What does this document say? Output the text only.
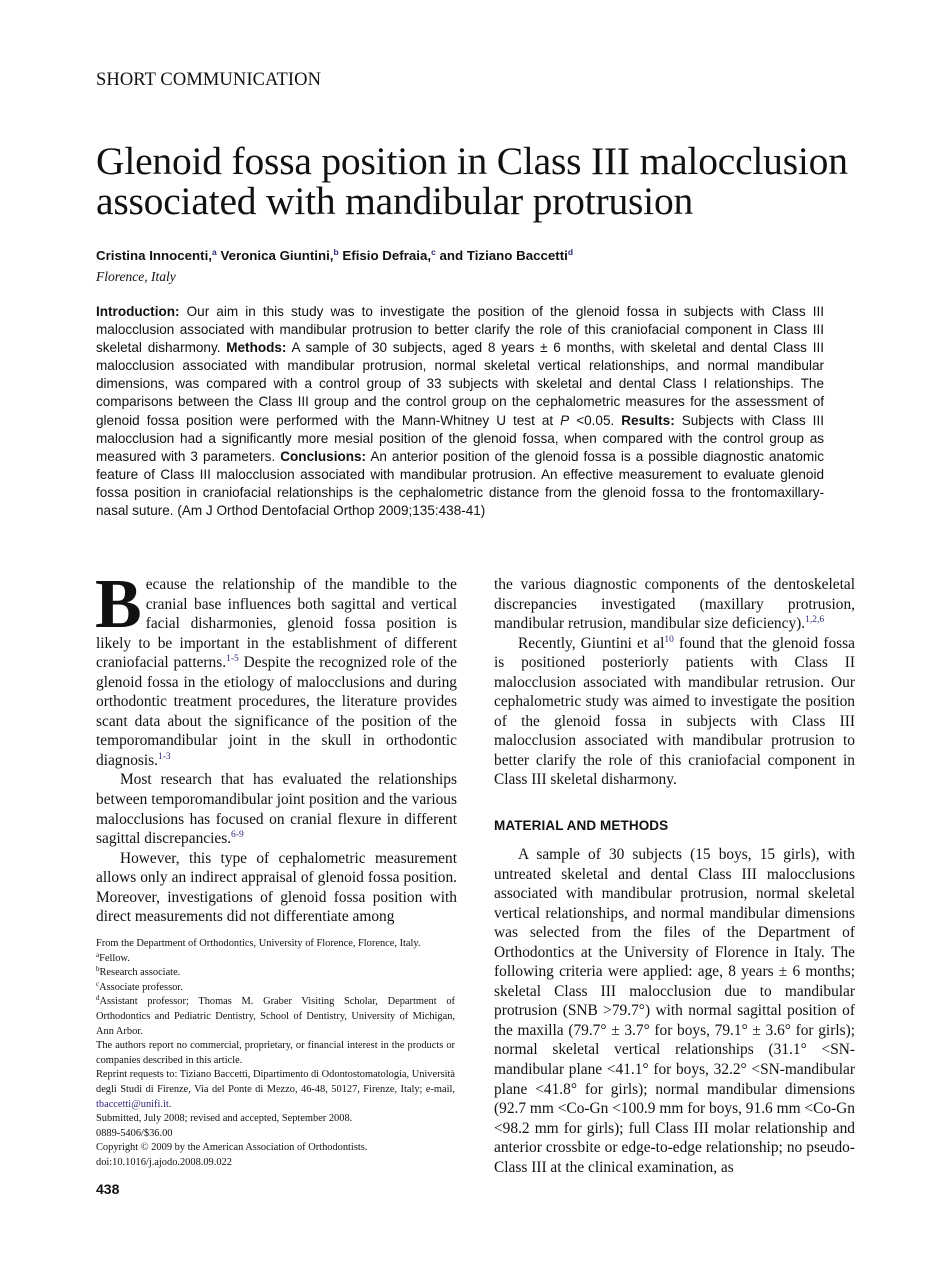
SHORT COMMUNICATION
Glenoid fossa position in Class III malocclusion associated with mandibular protrusion
Cristina Innocenti,$^a$ Veronica Giuntini,$^b$ Efisio Defraia,$^c$ and Tiziano Baccetti$^d$
Florence, Italy

Introduction: Our aim in this study was to investigate the position of the glenoid fossa in subjects with Class III malocclusion associated with mandibular protrusion to better clarify the role of this craniofacial component in Class III skeletal disharmony. Methods: A sample of 30 subjects, aged 8 years ± 6 months, with skeletal and dental Class III malocclusion associated with mandibular protrusion, normal skeletal vertical relationships, and normal mandibular dimensions, was compared with a control group of 33 subjects with skeletal and dental Class I relationships. The comparisons between the Class III group and the control group on the cephalometric measures for the assessment of glenoid fossa position were performed with the Mann-Whitney U test at P <0.05. Results: Subjects with Class III malocclusion had a significantly more mesial position of the glenoid fossa, when compared with the control group as measured with 3 parameters. Conclusions: An anterior position of the glenoid fossa is a possible diagnostic anatomic feature of Class III malocclusion associated with mandibular protrusion. An effective measurement to evaluate glenoid fossa position in craniofacial relationships is the cephalometric distance from the glenoid fossa to the frontomaxillary-nasal suture. (Am J Orthod Dentofacial Orthop 2009;135:438-41)

Because the relationship of the mandible to the cranial base influences both sagittal and vertical facial disharmonies, glenoid fossa position is likely to be important in the establishment of different craniofacial patterns.$^{1-5}$ Despite the recognized role of the glenoid fossa in the etiology of malocclusions and during orthodontic treatment procedures, the literature provides scant data about the significance of the position of the temporomandibular joint in the skull in orthodontic diagnosis.$^{1-3}$

Most research that has evaluated the relationships between temporomandibular joint position and the various malocclusions has focused on cranial flexure in different sagittal discrepancies.$^{6-9}$

However, this type of cephalometric measurement allows only an indirect appraisal of glenoid fossa position. Moreover, investigations of glenoid fossa position with direct measurements did not differentiate among

the various diagnostic components of the dentoskeletal discrepancies investigated (maxillary protrusion, mandibular retrusion, mandibular size deficiency).$^{1,2,6}$

Recently, Giuntini et al$^{10}$ found that the glenoid fossa is positioned posteriorly patients with Class II malocclusion associated with mandibular retrusion. Our cephalometric study was aimed to investigate the position of the glenoid fossa in subjects with Class III malocclusion associated with mandibular protrusion to better clarify the role of this craniofacial component in Class III skeletal disharmony.

MATERIAL AND METHODS

A sample of 30 subjects (15 boys, 15 girls), with untreated skeletal and dental Class III malocclusions associated with mandibular protrusion, normal skeletal vertical relationships, and normal mandibular dimensions was selected from the files of the Department of Orthodontics at the University of Florence in Italy. The following criteria were applied: age, 8 years ± 6 months; skeletal Class III malocclusion due to mandibular protrusion (SNB >79.7°) with normal sagittal position of the maxilla (79.7° ± 3.7° for boys, 79.1° ± 3.6° for girls); normal skeletal vertical relationships (31.1° <SN-mandibular plane <41.1° for boys, 32.2° <SN-mandibular plane <41.8° for girls); normal mandibular dimensions (92.7 mm <Co-Gn <100.9 mm for boys, 91.6 mm <Co-Gn <98.2 mm for girls); full Class III molar relationship and anterior crossbite or edge-to-edge relationship; no pseudo-Class III at the clinical examination, as

From the Department of Orthodontics, University of Florence, Florence, Italy.
$^a$Fellow.
$^b$Research associate.
$^c$Associate professor.
$^d$Assistant professor; Thomas M. Graber Visiting Scholar, Department of Orthodontics and Pediatric Dentistry, School of Dentistry, University of Michigan, Ann Arbor.
The authors report no commercial, proprietary, or financial interest in the products or companies described in this article.
Reprint requests to: Tiziano Baccetti, Dipartimento di Odontostomatologia, Università degli Studi di Firenze, Via del Ponte di Mezzo, 46-48, 50127, Firenze, Italy; e-mail, tbaccetti@unifi.it.
Submitted, July 2008; revised and accepted, September 2008.
0889-5406/$36.00
Copyright © 2009 by the American Association of Orthodontists.
doi:10.1016/j.ajodo.2008.09.022
438
